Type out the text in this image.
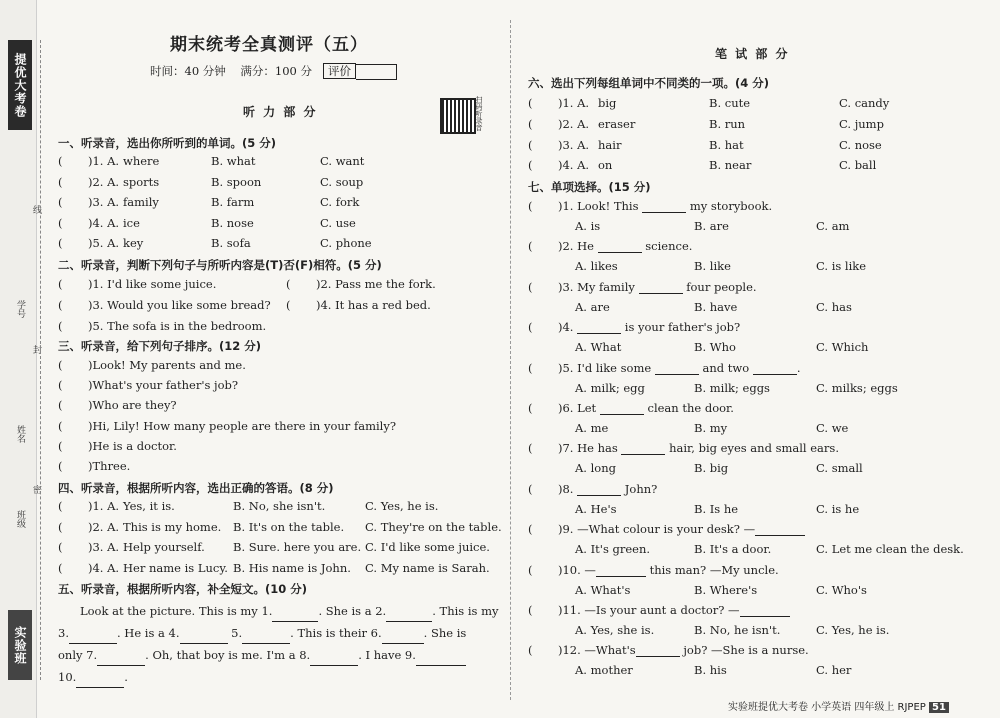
提优大考卷
实验班
学号
线
姓名
封
班级
密
期末统考全真测评（五）
时间：40 分钟 满分：100 分 评价
听 力 部 分	扫码听录音
一、听录音，选出你所听到的单词。(5 分)
( )1. A. where	B. what	C. want
( )2. A. sports	B. spoon	C. soup
( )3. A. family	B. farm	C. fork
( )4. A. ice	B. nose	C. use
( )5. A. key	B. sofa	C. phone
二、听录音，判断下列句子与所听内容是(T)否(F)相符。(5 分)
( )1. I'd like some juice.	( )2. Pass me the fork.
( )3. Would you like some bread? ( )4. It has a red bed.
( )5. The sofa is in the bedroom.
三、听录音，给下列句子排序。(12 分)
( )Look! My parents and me.
( )What's your father's job?
( )Who are they?
( )Hi, Lily! How many people are there in your family?
( )He is a doctor.
( )Three.
四、听录音，根据所听内容，选出正确的答语。(8 分)
( )1. A. Yes, it is.	B. No, she isn't.	C. Yes, he is.
( )2. A. This is my home. B. It's on the table. C. They're on the table.
( )3. A. Help yourself. B. Sure. here you are. C. I'd like some juice.
( )4. A. Her name is Lucy. B. His name is John. C. My name is Sarah.
五、听录音，根据所听内容，补全短文。(10 分)
Look at the picture. This is my 1.	. She is a 2.	. This is my
3.	. He is a 4.	5.	. This is their 6.	. She is
only 7.	. Oh, that boy is me. I'm a 8.	. I have 9.
10.	.
笔 试 部 分
六、选出下列每组单词中不同类的一项。(4 分)
( )1. A. big	B. cute	C. candy
( )2. A. eraser	B. run	C. jump
( )3. A. hair	B. hat	C. nose
( )4. A. on	B. near	C. ball
七、单项选择。(15 分)
( )1. Look! This	my storybook.
A. is	B. are	C. am
( )2. He	science.
A. likes	B. like	C. is like
( )3. My family	four people.
A. are	B. have	C. has
( )4.	is your father's job?
A. What	B. Who	C. Which
( )5. I'd like some	and two	.
A. milk; egg	B. milk; eggs	C. milks; eggs
( )6. Let	clean the door.
A. me	B. my	C. we
( )7. He has	hair, big eyes and small ears.
A. long	B. big	C. small
( )8.	John?
A. He's	B. Is he	C. is he
( )9. —What colour is your desk? —
A. It's green.	B. It's a door.	C. Let me clean the desk.
( )10. —	this man? —My uncle.
A. What's	B. Where's	C. Who's
( )11. —Is your aunt a doctor? —
A. Yes, she is.	B. No, he isn't.	C. Yes, he is.
( )12. —What's	job? —She is a nurse.
A. mother	B. his	C. her
实验班提优大考卷 小学英语 四年级上 RJPEP 51
